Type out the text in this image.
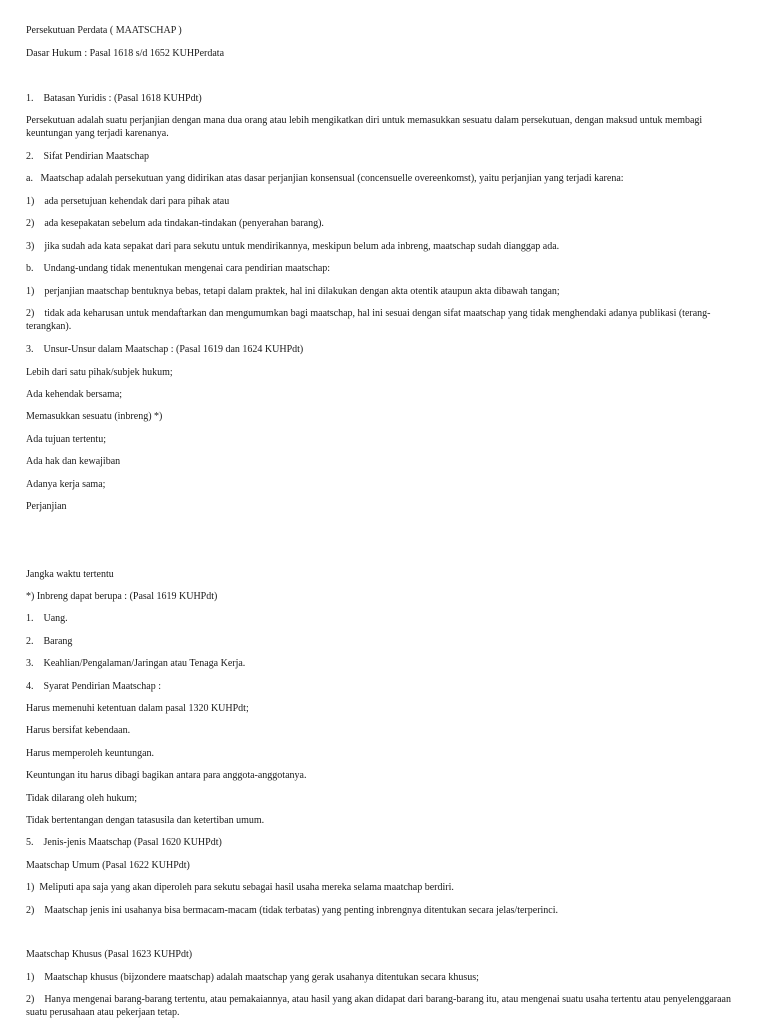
Persekutuan Perdata ( MAATSCHAP )

Dasar Hukum : Pasal 1618 s/d 1652 KUHPerdata

1.    Batasan Yuridis : (Pasal 1618 KUHPdt)

Persekutuan adalah suatu perjanjian dengan mana dua orang atau lebih mengikatkan diri untuk memasukkan sesuatu dalam persekutuan, dengan maksud untuk membagi keuntungan yang terjadi karenanya.

2.    Sifat Pendirian Maatschap

a.   Maatschap adalah persekutuan yang didirikan atas dasar perjanjian konsensual (concensuelle overeenkomst), yaitu perjanjian yang terjadi karena:

1)    ada persetujuan kehendak dari para pihak atau

2)    ada kesepakatan sebelum ada tindakan-tindakan (penyerahan barang).

3)    jika sudah ada kata sepakat dari para sekutu untuk mendirikannya, meskipun belum ada inbreng, maatschap sudah dianggap ada.

b.    Undang-undang tidak menentukan mengenai cara pendirian maatschap:

1)    perjanjian maatschap bentuknya bebas, tetapi dalam praktek, hal ini dilakukan dengan akta otentik ataupun akta dibawah tangan;

2)    tidak ada keharusan untuk mendaftarkan dan mengumumkan bagi maatschap, hal ini sesuai dengan sifat maatschap yang tidak menghendaki adanya publikasi (terang-terangkan).

3.    Unsur-Unsur dalam Maatschap : (Pasal 1619 dan 1624 KUHPdt)

Lebih dari satu pihak/subjek hukum;

Ada kehendak bersama;

Memasukkan sesuatu (inbreng) *)

Ada tujuan tertentu;

Ada hak dan kewajiban

Adanya kerja sama;

Perjanjian

Jangka waktu tertentu

*) Inbreng dapat berupa : (Pasal 1619 KUHPdt)

1.    Uang.

2.    Barang

3.    Keahlian/Pengalaman/Jaringan atau Tenaga Kerja.

4.    Syarat Pendirian Maatschap :

Harus memenuhi ketentuan dalam pasal 1320 KUHPdt;

Harus bersifat kebendaan.

Harus memperoleh keuntungan.

Keuntungan itu harus dibagi bagikan antara para anggota-anggotanya.

Tidak dilarang oleh hukum;

Tidak bertentangan dengan tatasusila dan ketertiban umum.

5.    Jenis-jenis Maatschap (Pasal 1620 KUHPdt)

Maatschap Umum (Pasal 1622 KUHPdt)

1)  Meliputi apa saja yang akan diperoleh para sekutu sebagai hasil usaha mereka selama maatchap berdiri.

2)    Maatschap jenis ini usahanya bisa bermacam-macam (tidak terbatas) yang penting inbrengnya ditentukan secara jelas/terperinci.

Maatschap Khusus (Pasal 1623 KUHPdt)

1)    Maatschap khusus (bijzondere maatschap) adalah maatschap yang gerak usahanya ditentukan secara khusus;

2)    Hanya mengenai barang-barang tertentu, atau pemakaiannya, atau hasil yang akan didapat dari barang-barang itu, atau mengenai suatu usaha tertentu atau penyelenggaraan suatu perusahaan atau pekerjaan tetap.
